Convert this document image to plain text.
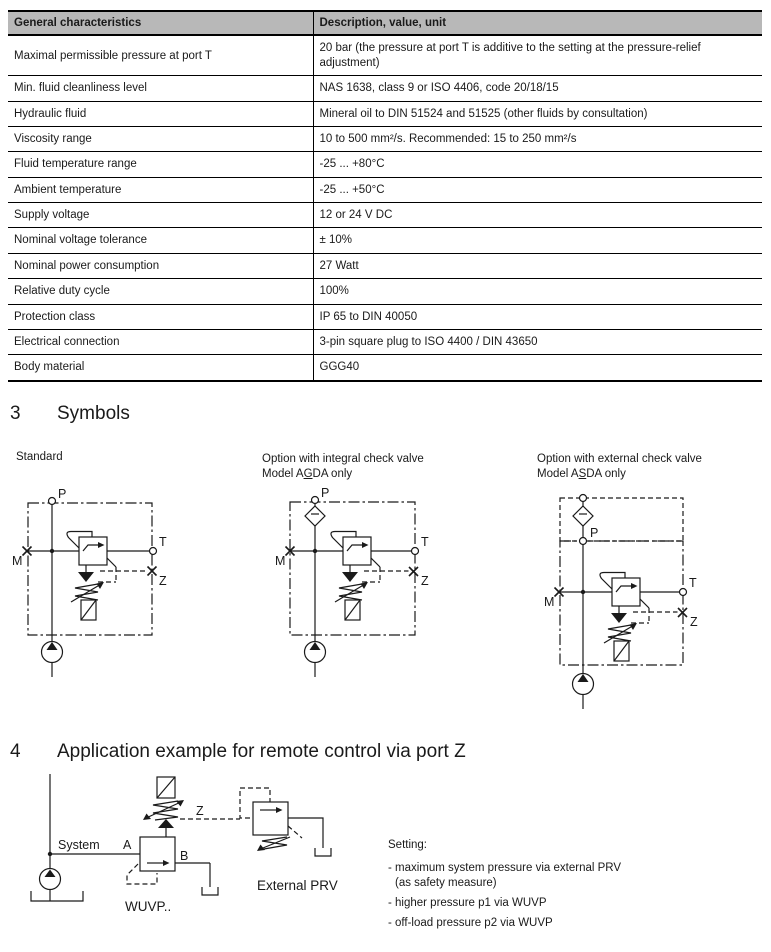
General characteristics	Description, value, unit
Maximal permissible pressure at port T	20 bar (the pressure at port T is additive to the setting at the pressure-relief adjustment)
Min. fluid cleanliness level	NAS 1638, class 9 or ISO 4406, code 20/18/15
Hydraulic fluid	Mineral oil to DIN 51524 and 51525 (other fluids by consultation)
Viscosity range	10 to 500 mm²/s. Recommended: 15 to 250 mm²/s
Fluid temperature range	-25 ... +80°C
Ambient temperature	-25 ... +50°C
Supply voltage	12 or 24 V DC
Nominal voltage tolerance	± 10%
Nominal power consumption	27 Watt
Relative duty cycle	100%
Protection class	IP 65 to DIN 40050
Electrical connection	3-pin square plug to ISO 4400 / DIN 43650
Body material	GGG40
3	Symbols
Standard	Option with integral check valve
Model AGDA only
Option with external check valve
Model ASDA only
P
M
T
Z
P
M
T
Z
P
M
T
Z
4	Application example for remote control via port Z
System A
B
Z
External PRV
WUVP..
Setting:
- maximum system pressure via external PRV
(as safety measure)
- higher pressure p1 via WUVP
- off-load pressure p2 via WUVP
